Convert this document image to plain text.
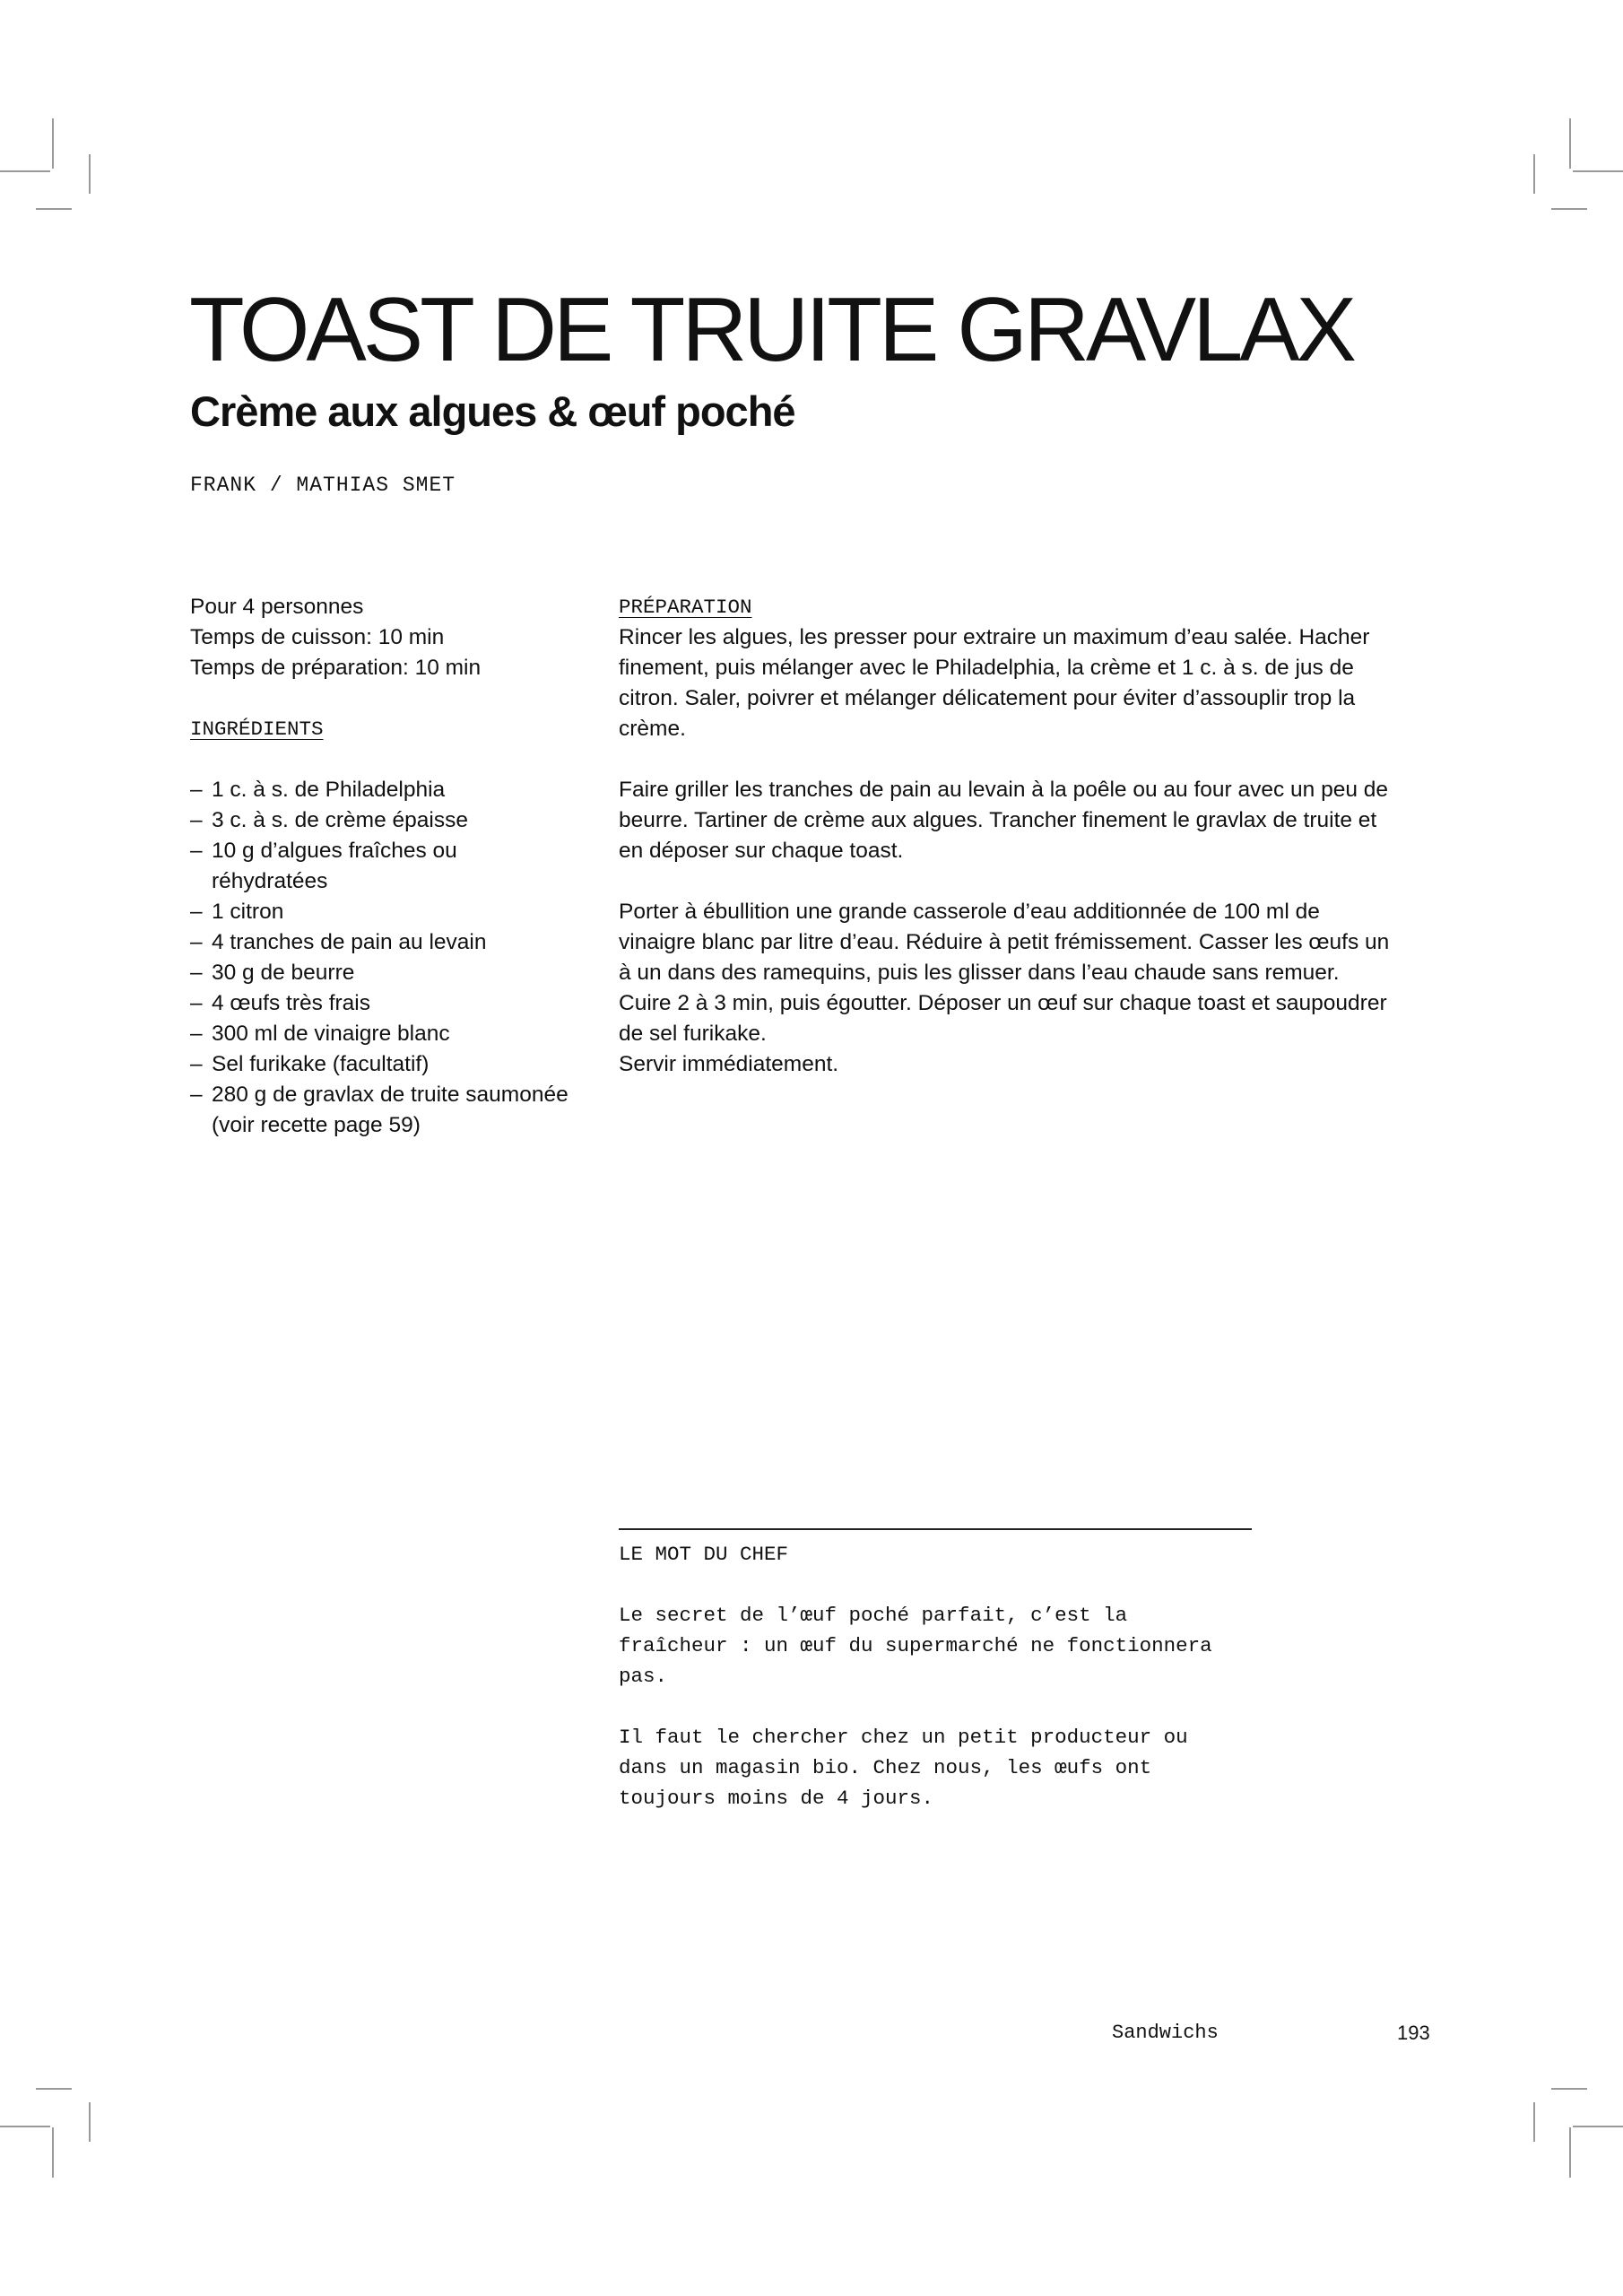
TOAST DE TRUITE GRAVLAX
Crème aux algues & œuf poché
FRANK / MATHIAS SMET
Pour 4 personnes
Temps de cuisson: 10 min
Temps de préparation: 10 min
INGRÉDIENTS
– 1 c. à s. de Philadelphia
– 3 c. à s. de crème épaisse
– 10 g d’algues fraîches ou réhydratées
– 1 citron
– 4 tranches de pain au levain
– 30 g de beurre
– 4 œufs très frais
– 300 ml de vinaigre blanc
– Sel furikake (facultatif)
– 280 g de gravlax de truite saumonée (voir recette page 59)

PRÉPARATION

Rincer les algues, les presser pour extraire un maximum d’eau salée. Hacher finement, puis mélanger avec le Philadelphia, la crème et 1 c. à s. de jus de citron. Saler, poivrer et mélanger délicatement pour éviter d’assouplir trop la crème.

Faire griller les tranches de pain au levain à la poêle ou au four avec un peu de beurre. Tartiner de crème aux algues. Trancher finement le gravlax de truite et en déposer sur chaque toast.

Porter à ébullition une grande casserole d’eau additionnée de 100 ml de vinaigre blanc par litre d’eau. Réduire à petit frémissement. Casser les œufs un à un dans des ramequins, puis les glisser dans l’eau chaude sans remuer. Cuire 2 à 3 min, puis égoutter. Déposer un œuf sur chaque toast et saupoudrer de sel furikake.

Servir immédiatement.

LE MOT DU CHEF

Le secret de l’œuf poché parfait, c’est la fraîcheur : un œuf du supermarché ne fonctionnera pas.

Il faut le chercher chez un petit producteur ou dans un magasin bio. Chez nous, les œufs ont toujours moins de 4 jours.

Sandwichs	193
